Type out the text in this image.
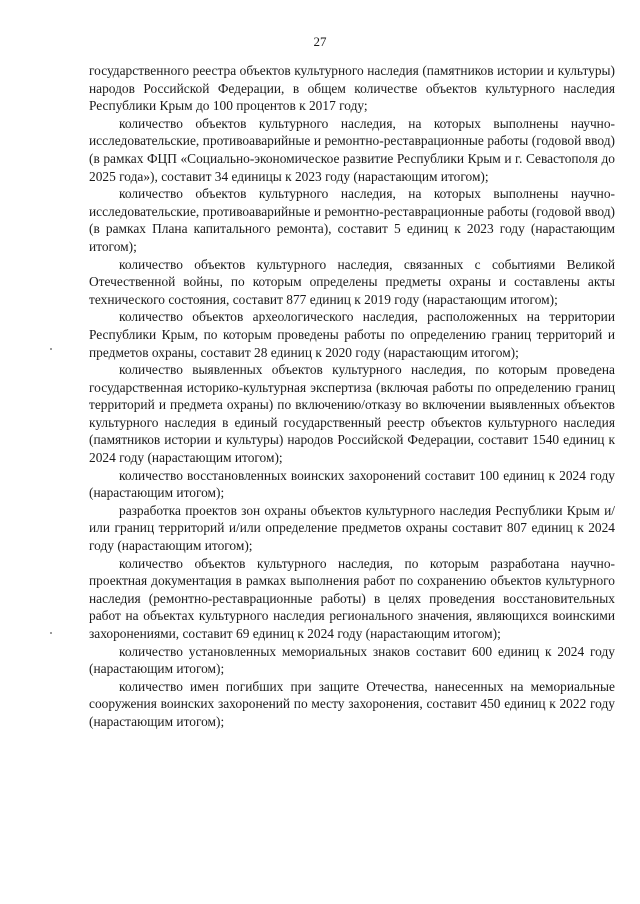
27

государственного реестра объектов культурного наследия (памятников истории и культуры) народов Российской Федерации, в общем количестве объектов культурного наследия Республики Крым до 100 процентов к 2017 году;

количество объектов культурного наследия, на которых выполнены научно-исследовательские, противоаварийные и ремонтно-реставрационные работы (годовой ввод) (в рамках ФЦП «Социально-экономическое развитие Республики Крым и г. Севастополя до 2025 года»), составит 34 единицы к 2023 году (нарастающим итогом);

количество объектов культурного наследия, на которых выполнены научно-исследовательские, противоаварийные и ремонтно-реставрационные работы (годовой ввод) (в рамках Плана капитального ремонта), составит 5 единиц к 2023 году (нарастающим итогом);

количество объектов культурного наследия, связанных с событиями Великой Отечественной войны, по которым определены предметы охраны и составлены акты технического состояния, составит 877 единиц к 2019 году (нарастающим итогом);

количество объектов археологического наследия, расположенных на территории Республики Крым, по которым проведены работы по определению границ территорий и предметов охраны, составит 28 единиц к 2020 году (нарастающим итогом);

количество выявленных объектов культурного наследия, по которым проведена государственная историко-культурная экспертиза (включая работы по определению границ территорий и предмета охраны) по включению/отказу во включении выявленных объектов культурного наследия в единый государственный реестр объектов культурного наследия (памятников истории и культуры) народов Российской Федерации, составит 1540 единиц к 2024 году (нарастающим итогом);

количество восстановленных воинских захоронений составит 100 единиц к 2024 году (нарастающим итогом);

разработка проектов зон охраны объектов культурного наследия Республики Крым и/или границ территорий и/или определение предметов охраны составит 807 единиц к 2024 году (нарастающим итогом);

количество объектов культурного наследия, по которым разработана научно-проектная документация в рамках выполнения работ по сохранению объектов культурного наследия (ремонтно-реставрационные работы) в целях проведения восстановительных работ на объектах культурного наследия регионального значения, являющихся воинскими захоронениями, составит 69 единиц к 2024 году (нарастающим итогом);

количество установленных мемориальных знаков составит 600 единиц к 2024 году (нарастающим итогом);

количество имен погибших при защите Отечества, нанесенных на мемориальные сооружения воинских захоронений по месту захоронения, составит 450 единиц к 2022 году (нарастающим итогом);
